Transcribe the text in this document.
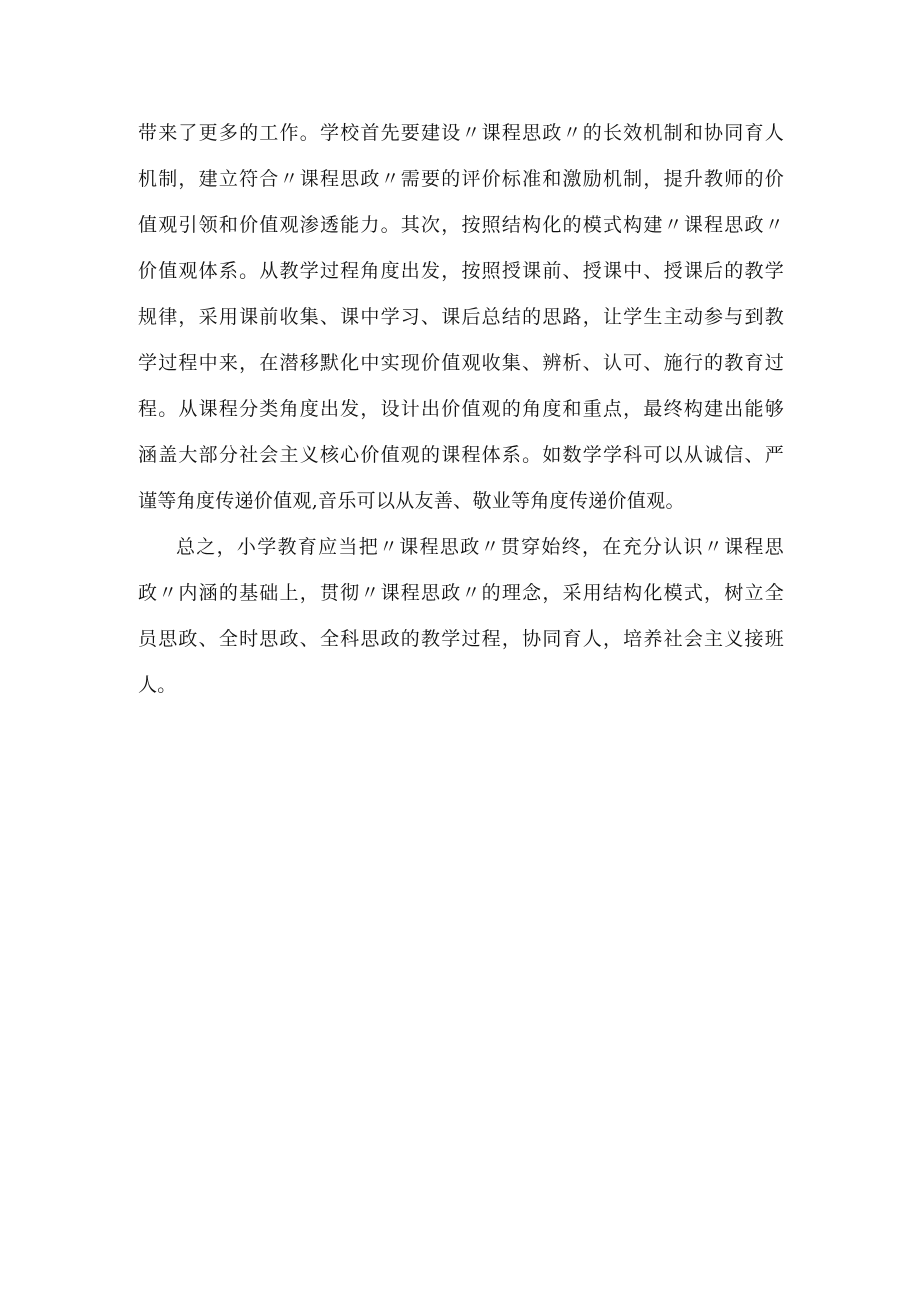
带来了更多的工作。学校首先要建设〃课程思政〃的长效机制和协同育人
机制，建立符合〃课程思政〃需要的评价标准和激励机制，提升教师的价
值观引领和价值观渗透能力。其次，按照结构化的模式构建〃课程思政〃
价值观体系。从教学过程角度出发，按照授课前、授课中、授课后的教学
规律，采用课前收集、课中学习、课后总结的思路，让学生主动参与到教
学过程中来，在潜移默化中实现价值观收集、辨析、认可、施行的教育过
程。从课程分类角度出发，设计出价值观的角度和重点，最终构建出能够
涵盖大部分社会主义核心价值观的课程体系。如数学学科可以从诚信、严
谨等角度传递价值观,音乐可以从友善、敬业等角度传递价值观。
总之，小学教育应当把〃课程思政〃贯穿始终，在充分认识〃课程思
政〃内涵的基础上，贯彻〃课程思政〃的理念，采用结构化模式，树立全
员思政、全时思政、全科思政的教学过程，协同育人，培养社会主义接班
人。
